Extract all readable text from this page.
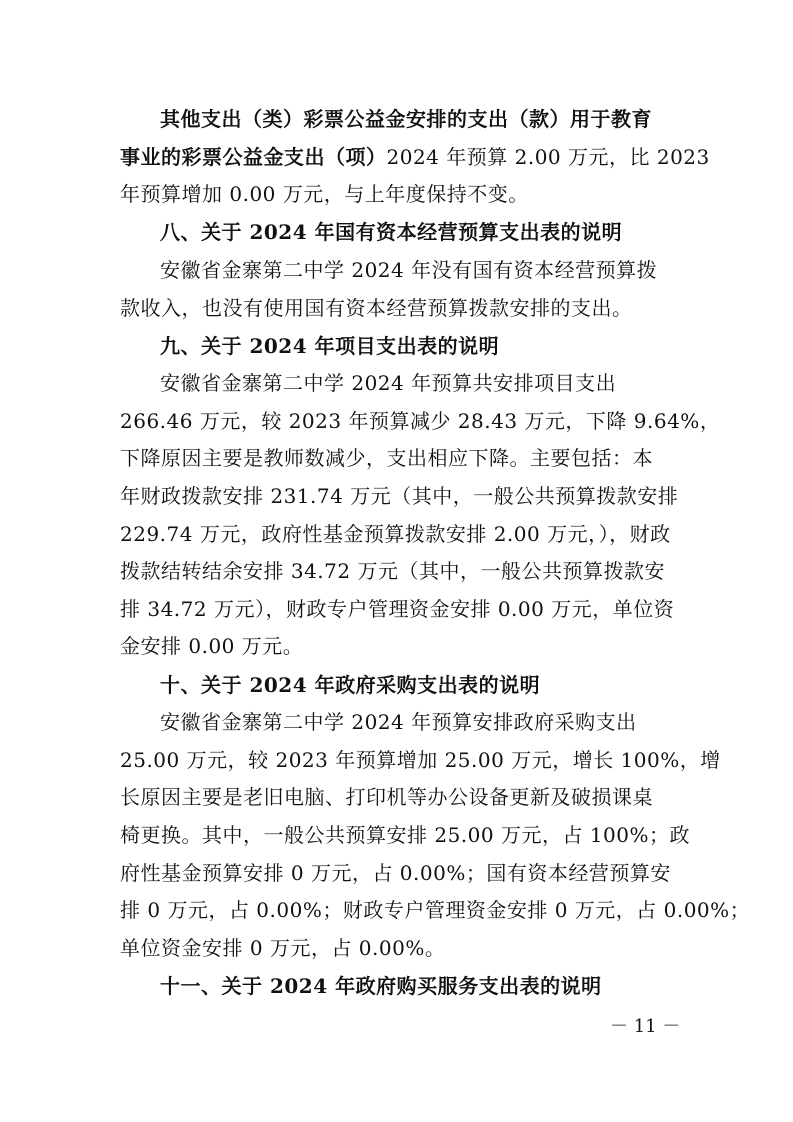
其他支出（类）彩票公益金安排的支出（款）用于教育
事业的彩票公益金支出（项）2024 年预算 2.00 万元，比 2023
年预算增加 0.00 万元，与上年度保持不变。
八、关于 2024 年国有资本经营预算支出表的说明
安徽省金寨第二中学 2024 年没有国有资本经营预算拨
款收入，也没有使用国有资本经营预算拨款安排的支出。
九、关于 2024 年项目支出表的说明
安徽省金寨第二中学 2024 年预算共安排项目支出
266.46 万元，较 2023 年预算减少 28.43 万元，下降 9.64%，
下降原因主要是教师数减少，支出相应下降。主要包括：本
年财政拨款安排 231.74 万元（其中，一般公共预算拨款安排
229.74 万元，政府性基金预算拨款安排 2.00 万元，），财政
拨款结转结余安排 34.72 万元（其中，一般公共预算拨款安
排 34.72 万元），财政专户管理资金安排 0.00 万元，单位资
金安排 0.00 万元。
十、关于 2024 年政府采购支出表的说明
安徽省金寨第二中学 2024 年预算安排政府采购支出
25.00 万元，较 2023 年预算增加 25.00 万元，增长 100%，增
长原因主要是老旧电脑、打印机等办公设备更新及破损课桌
椅更换。其中，一般公共预算安排 25.00 万元，占 100%；政
府性基金预算安排 0 万元，占 0.00%；国有资本经营预算安
排 0 万元，占 0.00%；财政专户管理资金安排 0 万元，占 0.00%；
单位资金安排 0 万元，占 0.00%。
十一、关于 2024 年政府购买服务支出表的说明
－ 11 －
